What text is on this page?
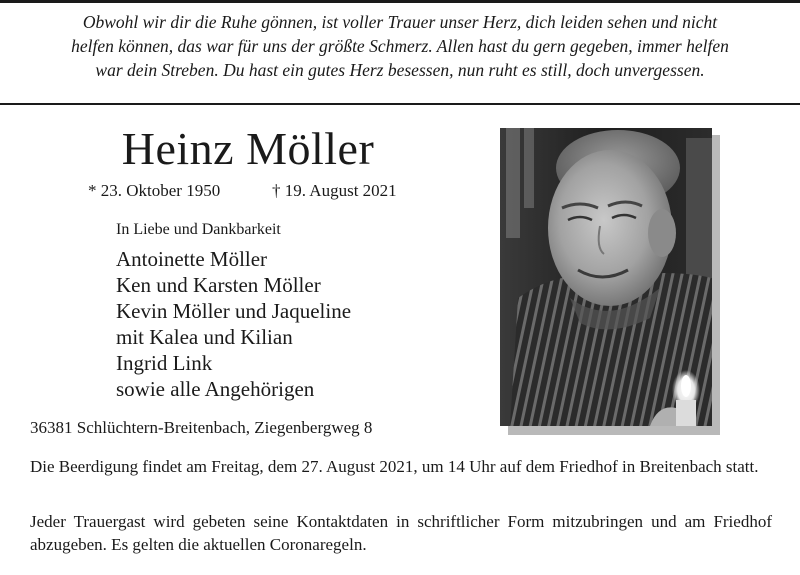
Obwohl wir dir die Ruhe gönnen, ist voller Trauer unser Herz, dich leiden sehen und nicht
helfen können, das war für uns der größte Schmerz. Allen hast du gern gegeben, immer helfen
war dein Streben. Du hast ein gutes Herz besessen, nun ruht es still, doch unvergessen.
Heinz Möller
* 23. Oktober 1950	† 19. August 2021
In Liebe und Dankbarkeit
Antoinette Möller
Ken und Karsten Möller
Kevin Möller und Jaqueline
mit Kalea und Kilian
Ingrid Link
sowie alle Angehörigen
36381 Schlüchtern-Breitenbach, Ziegenbergweg 8
Die Beerdigung findet am Freitag, dem 27. August 2021, um 14 Uhr auf dem Friedhof in Breitenbach statt.
Jeder Trauergast wird gebeten seine Kontaktdaten in schriftlicher Form mitzubringen und am Friedhof abzugeben. Es gelten die aktuellen Coronaregeln.
